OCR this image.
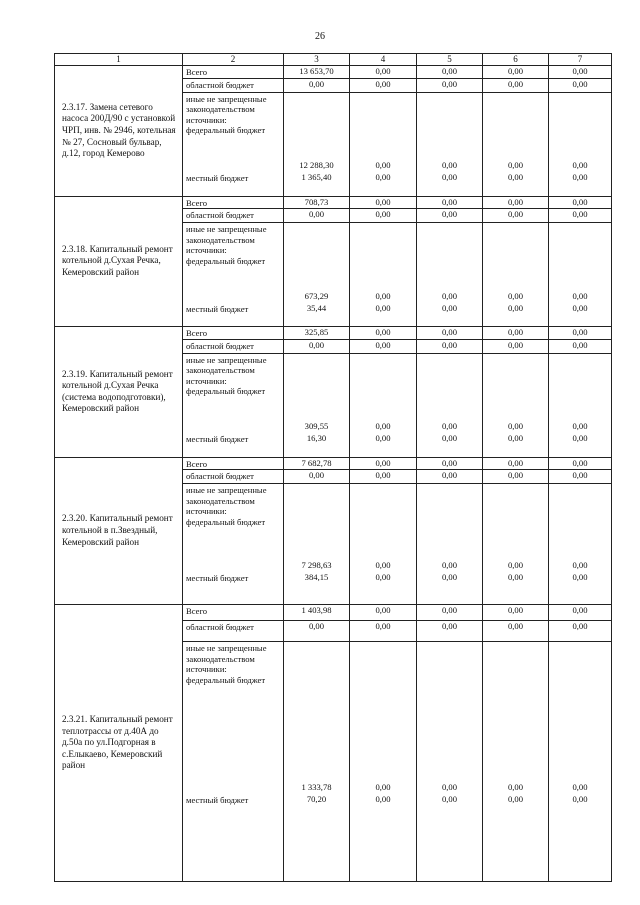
26
1	2	3	4	5	6	7
2.3.17. Замена сетевого насоса 200Д/90 с установкой ЧРП, инв. № 2946, котельная № 27, Сосновый бульвар, д.12, город Кемерово	Всего	13 653,70	0,00	0,00	0,00	0,00
	областной бюджет	0,00	0,00	0,00	0,00	0,00

	иные не запрещенные законодательством источники:
федеральный бюджет	12 288,30	0,00	0,00	0,00	0,00
	местный бюджет	1 365,40	0,00	0,00	0,00	0,00
2.3.18. Капитальный ремонт котельной д.Сухая Речка, Кемеровский район	Всего	708,73	0,00	0,00	0,00	0,00
	областной бюджет	0,00	0,00	0,00	0,00	0,00

	иные не запрещенные законодательством источники:
федеральный бюджет	673,29	0,00	0,00	0,00	0,00
	местный бюджет	35,44	0,00	0,00	0,00	0,00
2.3.19. Капитальный ремонт котельной д.Сухая Речка (система водоподготовки), Кемеровский район	Всего	325,85	0,00	0,00	0,00	0,00
	областной бюджет	0,00	0,00	0,00	0,00	0,00

	иные не запрещенные законодательством источники:
федеральный бюджет	309,55	0,00	0,00	0,00	0,00
	местный бюджет	16,30	0,00	0,00	0,00	0,00
2.3.20. Капитальный ремонт котельной в п.Звездный, Кемеровский район	Всего	7 682,78	0,00	0,00	0,00	0,00
	областной бюджет	0,00	0,00	0,00	0,00	0,00

	иные не запрещенные законодательством источники:
федеральный бюджет	7 298,63	0,00	0,00	0,00	0,00
	местный бюджет	384,15	0,00	0,00	0,00	0,00
2.3.21. Капитальный ремонт теплотрассы от д.40А до д.50а по ул.Подгорная в с.Елыкаево, Кемеровский район	Всего	1 403,98	0,00	0,00	0,00	0,00
	областной бюджет	0,00	0,00	0,00	0,00	0,00

	иные не запрещенные законодательством источники:
федеральный бюджет	1 333,78	0,00	0,00	0,00	0,00
	местный бюджет	70,20	0,00	0,00	0,00	0,00
